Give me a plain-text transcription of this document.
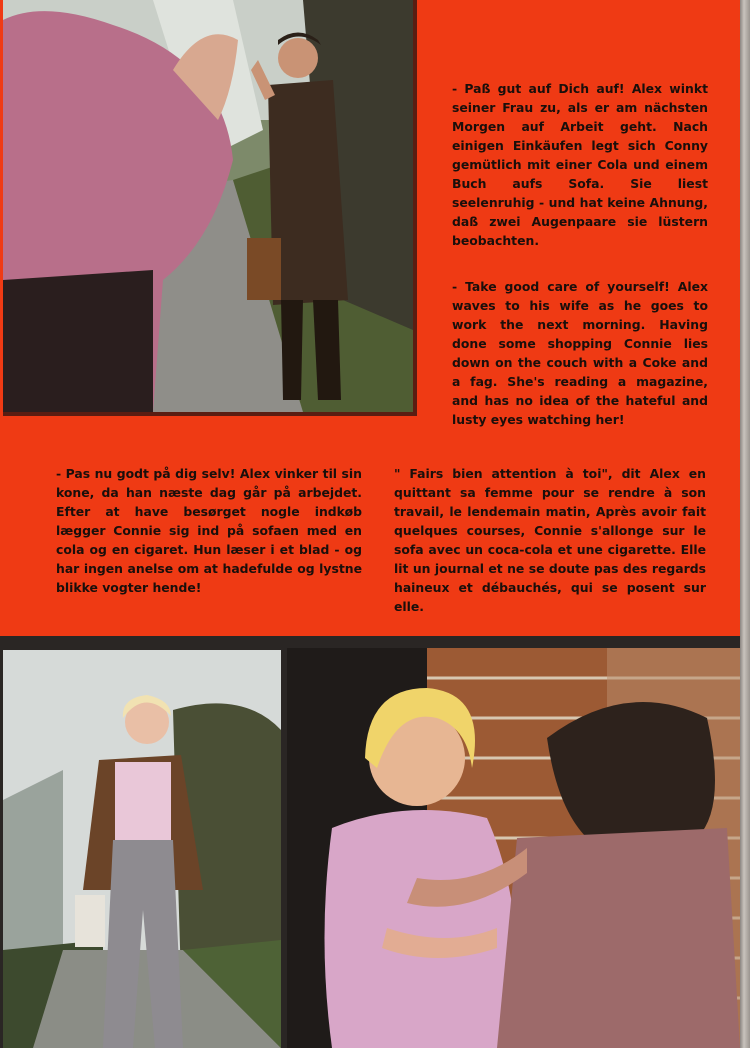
- Paß gut auf Dich auf! Alex winkt seiner Frau zu, als er am nächsten Morgen auf Arbeit geht. Nach einigen Einkäufen legt sich Conny gemütlich mit einer Cola und einem Buch aufs Sofa. Sie liest seelenruhig - und hat keine Ahnung, daß zwei Augenpaare sie lüstern beobachten.

- Take good care of yourself! Alex waves to his wife as he goes to work the next morning. Having done some shopping Connie lies down on the couch with a Coke and a fag. She's reading a magazine, and has no idea of the hateful and lusty eyes watching her!

- Pas nu godt på dig selv! Alex vinker til sin kone, da han næste dag går på arbejdet. Efter at have besørget nogle indkøb lægger Connie sig ind på sofaen med en cola og en cigaret. Hun læser i et blad - og har ingen anelse om at hadefulde og lystne blikke vogter hende!

" Fairs bien attention à toi", dit Alex en quittant sa femme pour se rendre à son travail, le lendemain matin, Après avoir fait quelques courses, Connie s'allonge sur le sofa avec un coca-cola et une cigarette. Elle lit un journal et ne se doute pas des regards haineux et débauchés, qui se posent sur elle.
